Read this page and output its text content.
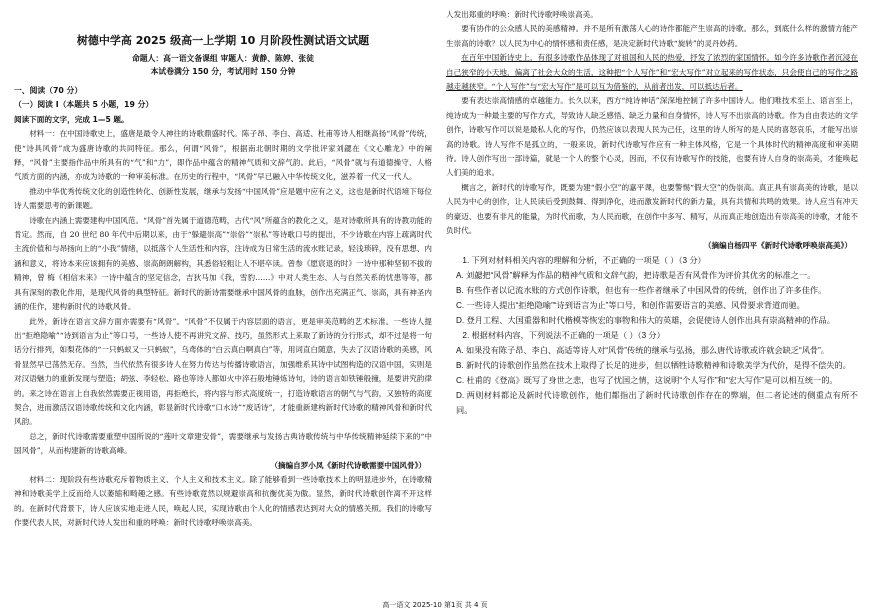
树德中学高 2025 级高一上学期 10 月阶段性测试语文试题
命题人：高一语文备课组 审题人：黄静、陈婷、张徒
本试卷满分 150 分，考试用时 150 分钟
一、阅读（70 分）
（一）阅读 I（本题共 5 小题，19 分）
阅读下面的文字，完成 1—5 题。

材料一：在中国诗歌史上，盛唐是最令人神往的诗歌鼎盛时代。陈子昂、李白、高适、杜甫等诗人相继高扬“风骨”传统，使“诗具风骨”成为盛唐诗歌的共同特征。那么，何谓“风骨”，根据南北朝时期的文学批评家刘勰在《文心雕龙》中的阐释，“风骨”主要指作品中所具有的“气”和“力”，即作品中蕴含的精神气质和文辞气韵。此后，“风骨”就与有道德操守、人格气质方面的内涵，亦成为诗歌的一种审美标准。在历史的行程中，“风骨”早已融入中华传统文化，滋养着一代又一代人。

推动中华优秀传统文化的创造性转化、创新性发展，继承与发扬“中国风骨”应是题中应有之义，这也是新时代语境下每位诗人需要思考的新课题。

诗歌在内涵上需要建构中国风范。“风骨”首先属于道德范畴，古代“风”所蕴含的教化之义，是对诗歌所具有的诗教功能的肯定。然而，自 20 世纪 80 年代中后期以来，由于“躲避崇高”“崇俗”“崇私”等诗歌口号的提出，不少诗歌在内容上疏离时代主流价值和与昂扬向上的“小我”情绪，以抵落个人生活性和内容，注诗成为日常生活的流水账记录，轻浅琐碎，没有思想、内涵和意义，将诗本来应该拥有的美感、崇高朗朗解构，其悉俗轻粗让人不堪卒读。曾参《愿宸退的时》一诗中那种坚韧不拔的精神，曾 梅《相信未来》一诗中蕴含的坚定信念，吉狄马加《我，雪豹……》中对人类生态、人与自然关系的忧患等等，都具有深刻的教化作用，是现代风骨的典型特征。新时代的新诗需要继承中国风骨的血脉，创作出充满正气、崇高，具有神圣内涵的佳作，建构新时代的诗歌风骨。

此外，新诗在语言文辞方面亦需要有“风骨”。“风骨”不仅属于内容层面的语言，更是审美范畴的艺术标准。一些诗人提出“拒绝隐喻”“诗到语言为止”等口号，一些诗人使不再讲究文辞、技巧，虽然形式上来取了新诗的分行形式，却不过是将一句话分行排列，如梨花体的“一只蚂蚁又一只蚂蚁”，乌鸢体的“白云真白啊真白”等，用词直白随意，失去了汉语诗歌的美感，风骨显然早已荡然无存。当然，当代依然有很多诗人在努力传达与传播诗歌语言，加强维系其诗中试图构造的汉语中国，实则是对汉语魅力的重新发现与塑造；胡弦、李轻松、路也等诗人都如火中淬石般地锤炼诗句，诗的语言如铁锤般撞，是要讲究韵律的。来之诗在语言上自我依然需要正视用语，再拒绝长，将内容与形式高度统一，打造诗歌语言的朝气与气韵，又独特的高度契合，进而激活汉语诗歌传统和文化内涵，彰显新时代诗歌“口水诗”“废话诗”，才能重新建构新时代诗歌的精神风骨和新时代风韵。

总之，新时代诗歌需要重塑中国所说的“莲叶文章建安骨”，需要继承与发扬古典诗歌传统与中华传统精神延续下来的“中国风骨”，从而构建新的诗歌高峰。

（摘编自罗小凤《新时代诗歌需要中国风骨》）

材料二：现阶段有些诗歌充斥着物质主义、个人主义和技术主义。除了能够看到一些诗歌技术上的明显进步外，在诗歌精神和诗歌美学上反而给人以萎缩和畸趣之感。有些诗歌竟然以规避崇高和抗衡优美为傲。显然，新时代诗歌创作离不开这样的。在新时代背景下，诗人应该实地走进人民，唤起人民，实现诗歌由个人化的情感表达到对大众的情感关照。我们的诗歌写作要代表人民，对新时代诗人发出和重的呼唤：新时代诗歌呼唤崇高美。

人发出郑重的呼唤：新时代诗歌呼唤崇高美。

要有协作的公众感人民的美感精神。并不是所有激荡人心的诗作都能产生崇高的诗歌。那么，到底什么样的激情方能产生崇高的诗歌？以人民为中心的情怀感和责任感，是决定新时代诗歌“旋转”的灵丹妙药。

在百年中国新诗史上，有很多诗歌作品体现了对祖国和人民的热爱，抒发了浓烈的家国情怀。如今许多诗歌作者沉浸在自己狭窄的小天地，偏离了社会大众的生活，这种把“个人写作”和“宏大写作”对立起来的写作状态，只会使自己的写作之路越走越狭窄。“个人写作”与“宏大写作”是可以互为借鉴的，从前者出发，可以抵达后者。

要有表达崇高情感的卓越能力。长久以来，西方“纯诗神话”深深地控制了许多中国诗人。他们唯技术至上、语言至上，纯诗成为一种最主要的写作方式，导致诗人缺乏感悟、缺乏力量和自身情怀，诗人写不出崇高的诗歌。作为自由表达的文学创作，诗歌写作可以说是最私人化的写作，仍然应该以表现人民为己任，这里的诗人所写的是人民的喜怒哀乐，才能写出崇高的诗歌。诗人写作不是孤立的，一般来说，新时代诗歌写作应有一种主体风格，它是一个具体时代的精神高度和审美期待。诗人创作写出一部诗篇，就是一个人的整个心灵，因而，不仅有诗歌写作的技能，也要有诗人自身的崇高美，才能唤起人们美的追求。

概言之，新时代的诗歌写作，既要为建“假小空”的嘉平课，也要警惕“假大空”的伪崇高。真正具有崇高美的诗歌，是以人民为中心的创作，让人民读后受到鼓舞、得到净化，进而激发新时代的新力量，具有共情和共鸣的效果。诗人应当有冲天的豪迈、也要有非凡的能量，为时代而歌，为人民而歌，在创作中多写、精写，从而真正地创造出有崇高美的诗歌，才能不负时代。

（摘编自杨四平《新时代诗歌呼唤崇高美》）

1. 下列对材料相关内容的理解和分析，不正确的一项是（ ）（3 分）

A. 刘勰把“风骨”解释为作品的精神气质和文辞气韵，把诗歌是否有风骨作为评价其优劣的标准之一。

B. 有些作者以记流水账的方式创作诗歌，但也有一些作者继承了中国风骨的传统，创作出了许多佳作。

C. 一些诗人提出“拒绝隐喻”“诗到语言为止”等口号，和创作需要语言的美感、风骨要求背道而驰。

D. 登月工程、大国重器和时代楷模等恢宏的事物和伟大的英雄，会促使诗人创作出具有崇高精神的作品。

2. 根据材料内容，下列说法不正确的一项是（ ）（3 分）

A. 如果没有陈子昂、李白、高适等诗人对“风骨”传统的继承与弘扬，那么唐代诗歌或许就会缺乏“风骨”。

B. 新时代的诗歌创作虽然在技术上取得了长足的进步，但以牺牲诗歌精神和诗歌美学为代价，是得不偿失的。

C. 杜甫的《登高》既写了身世之悲，也写了忧国之情，这说明“个人写作”和“宏大写作”是可以相互统一的。

D. 两则材料都论及新时代诗歌创作，他们都指出了新时代诗歌创作存在的弊端，但二者论述的侧重点有所不同。

高一语文 2025-10 第1页 共 4 页
